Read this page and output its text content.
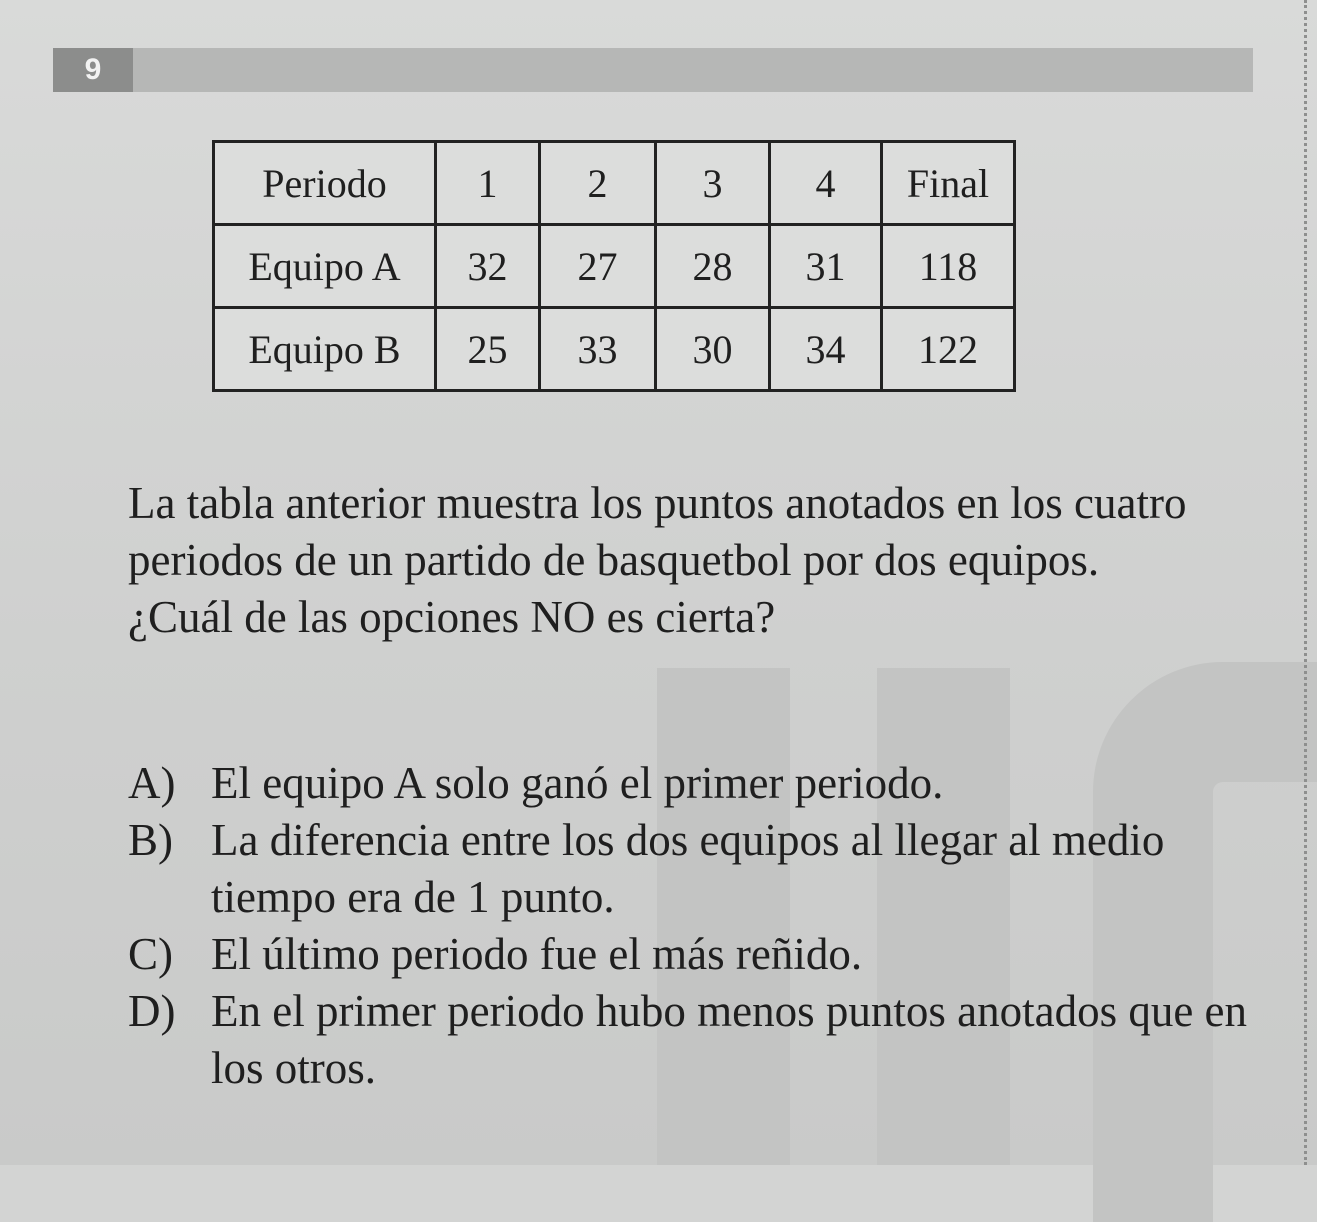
9
Periodo	1	2	3	4	Final
Equipo A	32	27	28	31	118
Equipo B	25	33	30	34	122

La tabla anterior muestra los puntos anotados en los cuatro periodos de un partido de basquetbol por dos equipos. ¿Cuál de las opciones NO es cierta?

A) El equipo A solo ganó el primer periodo.
B) La diferencia entre los dos equipos al llegar al medio tiempo era de 1 punto.
C) El último periodo fue el más reñido.
D) En el primer periodo hubo menos puntos anotados que en los otros.
